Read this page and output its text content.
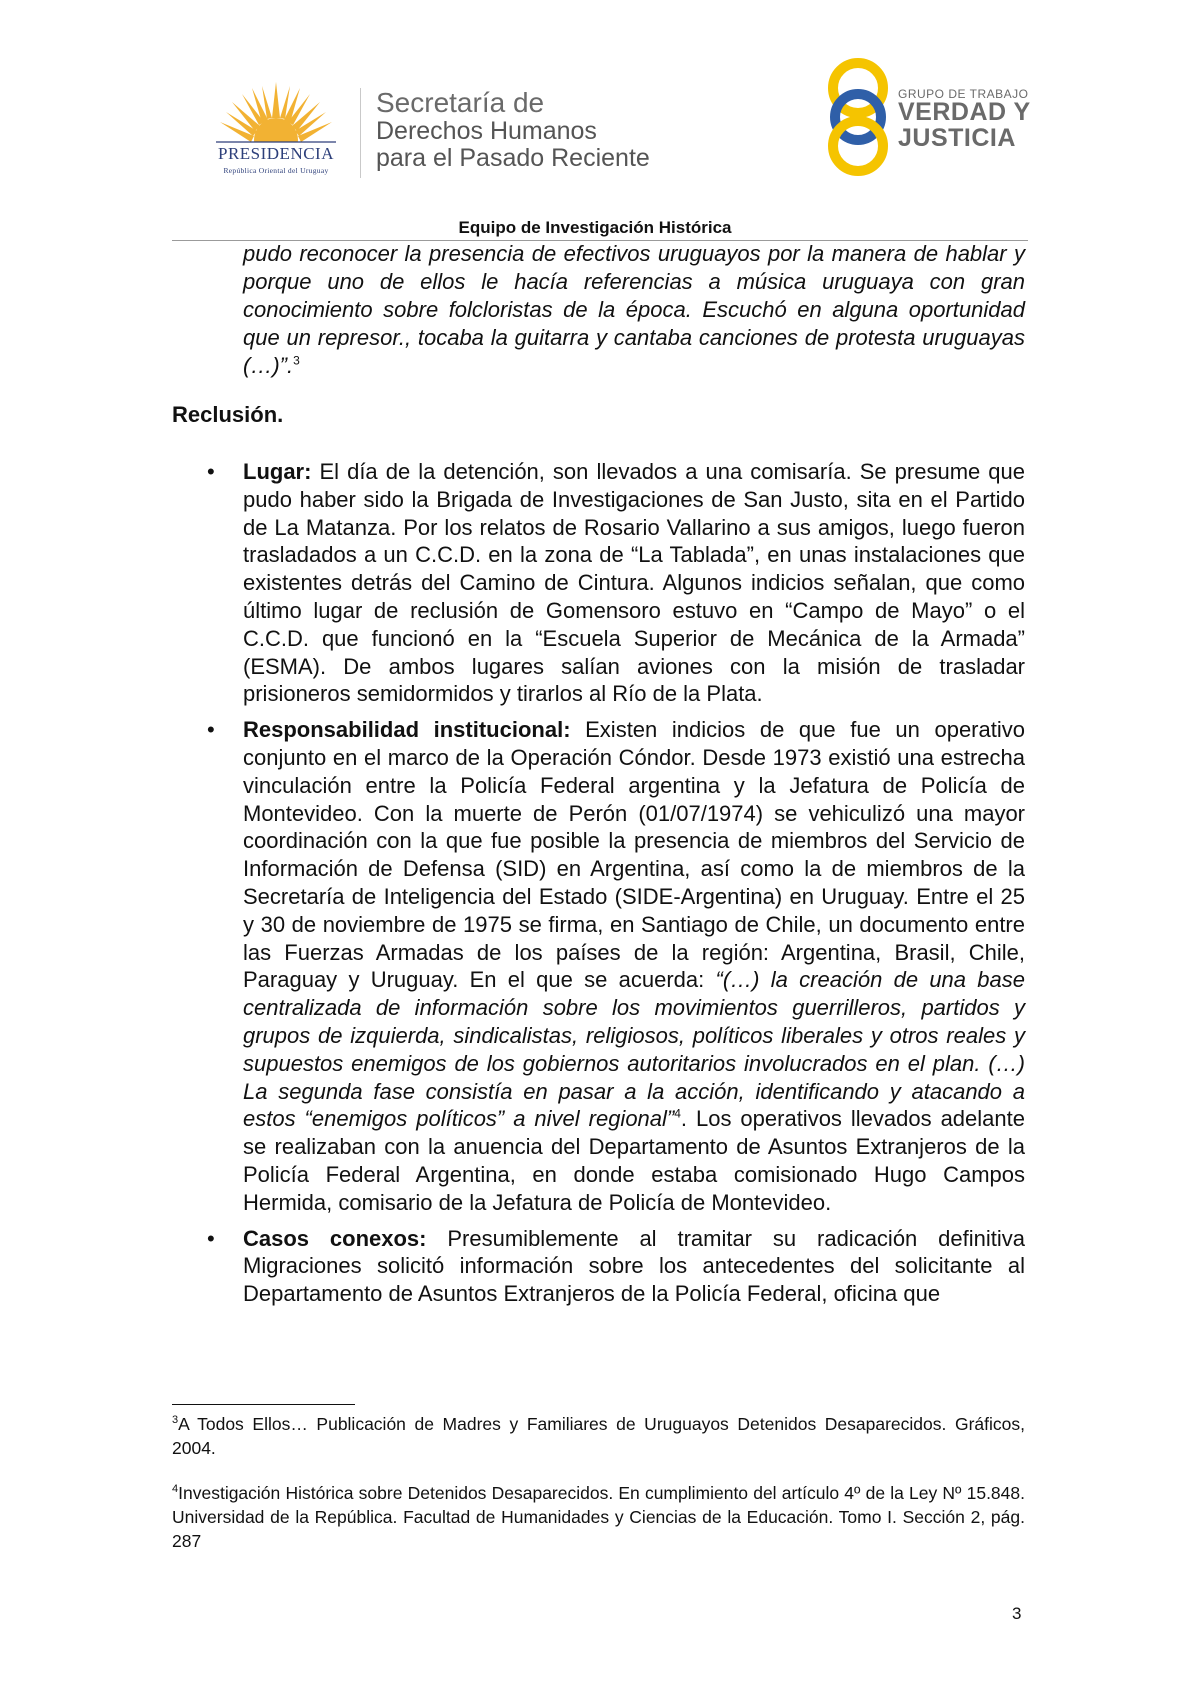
PRESIDENCIA
República Oriental del Uruguay
Secretaría de
Derechos Humanos
para el Pasado Reciente
GRUPO DE TRABAJO
VERDAD Y
JUSTICIA
Equipo de Investigación Histórica
pudo reconocer la presencia de efectivos uruguayos por la manera de hablar y porque uno de ellos le hacía referencias a música uruguaya con gran conocimiento sobre folcloristas de la época. Escuchó en alguna oportunidad que un represor., tocaba la guitarra y cantaba canciones de protesta uruguayas (…)”.$^3$
Reclusión.
• Lugar: El día de la detención, son llevados a una comisaría. Se presume que pudo haber sido la Brigada de Investigaciones de San Justo, sita en el Partido de La Matanza. Por los relatos de Rosario Vallarino a sus amigos, luego fueron trasladados a un C.C.D. en la zona de “La Tablada”, en unas instalaciones que existentes detrás del Camino de Cintura. Algunos indicios señalan, que como último lugar de reclusión de Gomensoro estuvo en “Campo de Mayo” o el C.C.D. que funcionó en la “Escuela Superior de Mecánica de la Armada” (ESMA). De ambos lugares salían aviones con la misión de trasladar prisioneros semidormidos y tirarlos al Río de la Plata.
• Responsabilidad institucional: Existen indicios de que fue un operativo conjunto en el marco de la Operación Cóndor. Desde 1973 existió una estrecha vinculación entre la Policía Federal argentina y la Jefatura de Policía de Montevideo. Con la muerte de Perón (01/07/1974) se vehiculizó una mayor coordinación con la que fue posible la presencia de miembros del Servicio de Información de Defensa (SID) en Argentina, así como la de miembros de la Secretaría de Inteligencia del Estado (SIDE-Argentina) en Uruguay. Entre el 25 y 30 de noviembre de 1975 se firma, en Santiago de Chile, un documento entre las Fuerzas Armadas de los países de la región: Argentina, Brasil, Chile, Paraguay y Uruguay. En el que se acuerda: “(…) la creación de una base centralizada de información sobre los movimientos guerrilleros, partidos y grupos de izquierda, sindicalistas, religiosos, políticos liberales y otros reales y supuestos enemigos de los gobiernos autoritarios involucrados en el plan. (…) La segunda fase consistía en pasar a la acción, identificando y atacando a estos “enemigos políticos” a nivel regional”$^4$. Los operativos llevados adelante se realizaban con la anuencia del Departamento de Asuntos Extranjeros de la Policía Federal Argentina, en donde estaba comisionado Hugo Campos Hermida, comisario de la Jefatura de Policía de Montevideo.
• Casos conexos: Presumiblemente al tramitar su radicación definitiva Migraciones solicitó información sobre los antecedentes del solicitante al Departamento de Asuntos Extranjeros de la Policía Federal, oficina que
$^3$A Todos Ellos… Publicación de Madres y Familiares de Uruguayos Detenidos Desaparecidos. Gráficos, 2004.
$^4$Investigación Histórica sobre Detenidos Desaparecidos. En cumplimiento del artículo 4º de la Ley Nº 15.848. Universidad de la República. Facultad de Humanidades y Ciencias de la Educación. Tomo I. Sección 2, pág. 287
3
